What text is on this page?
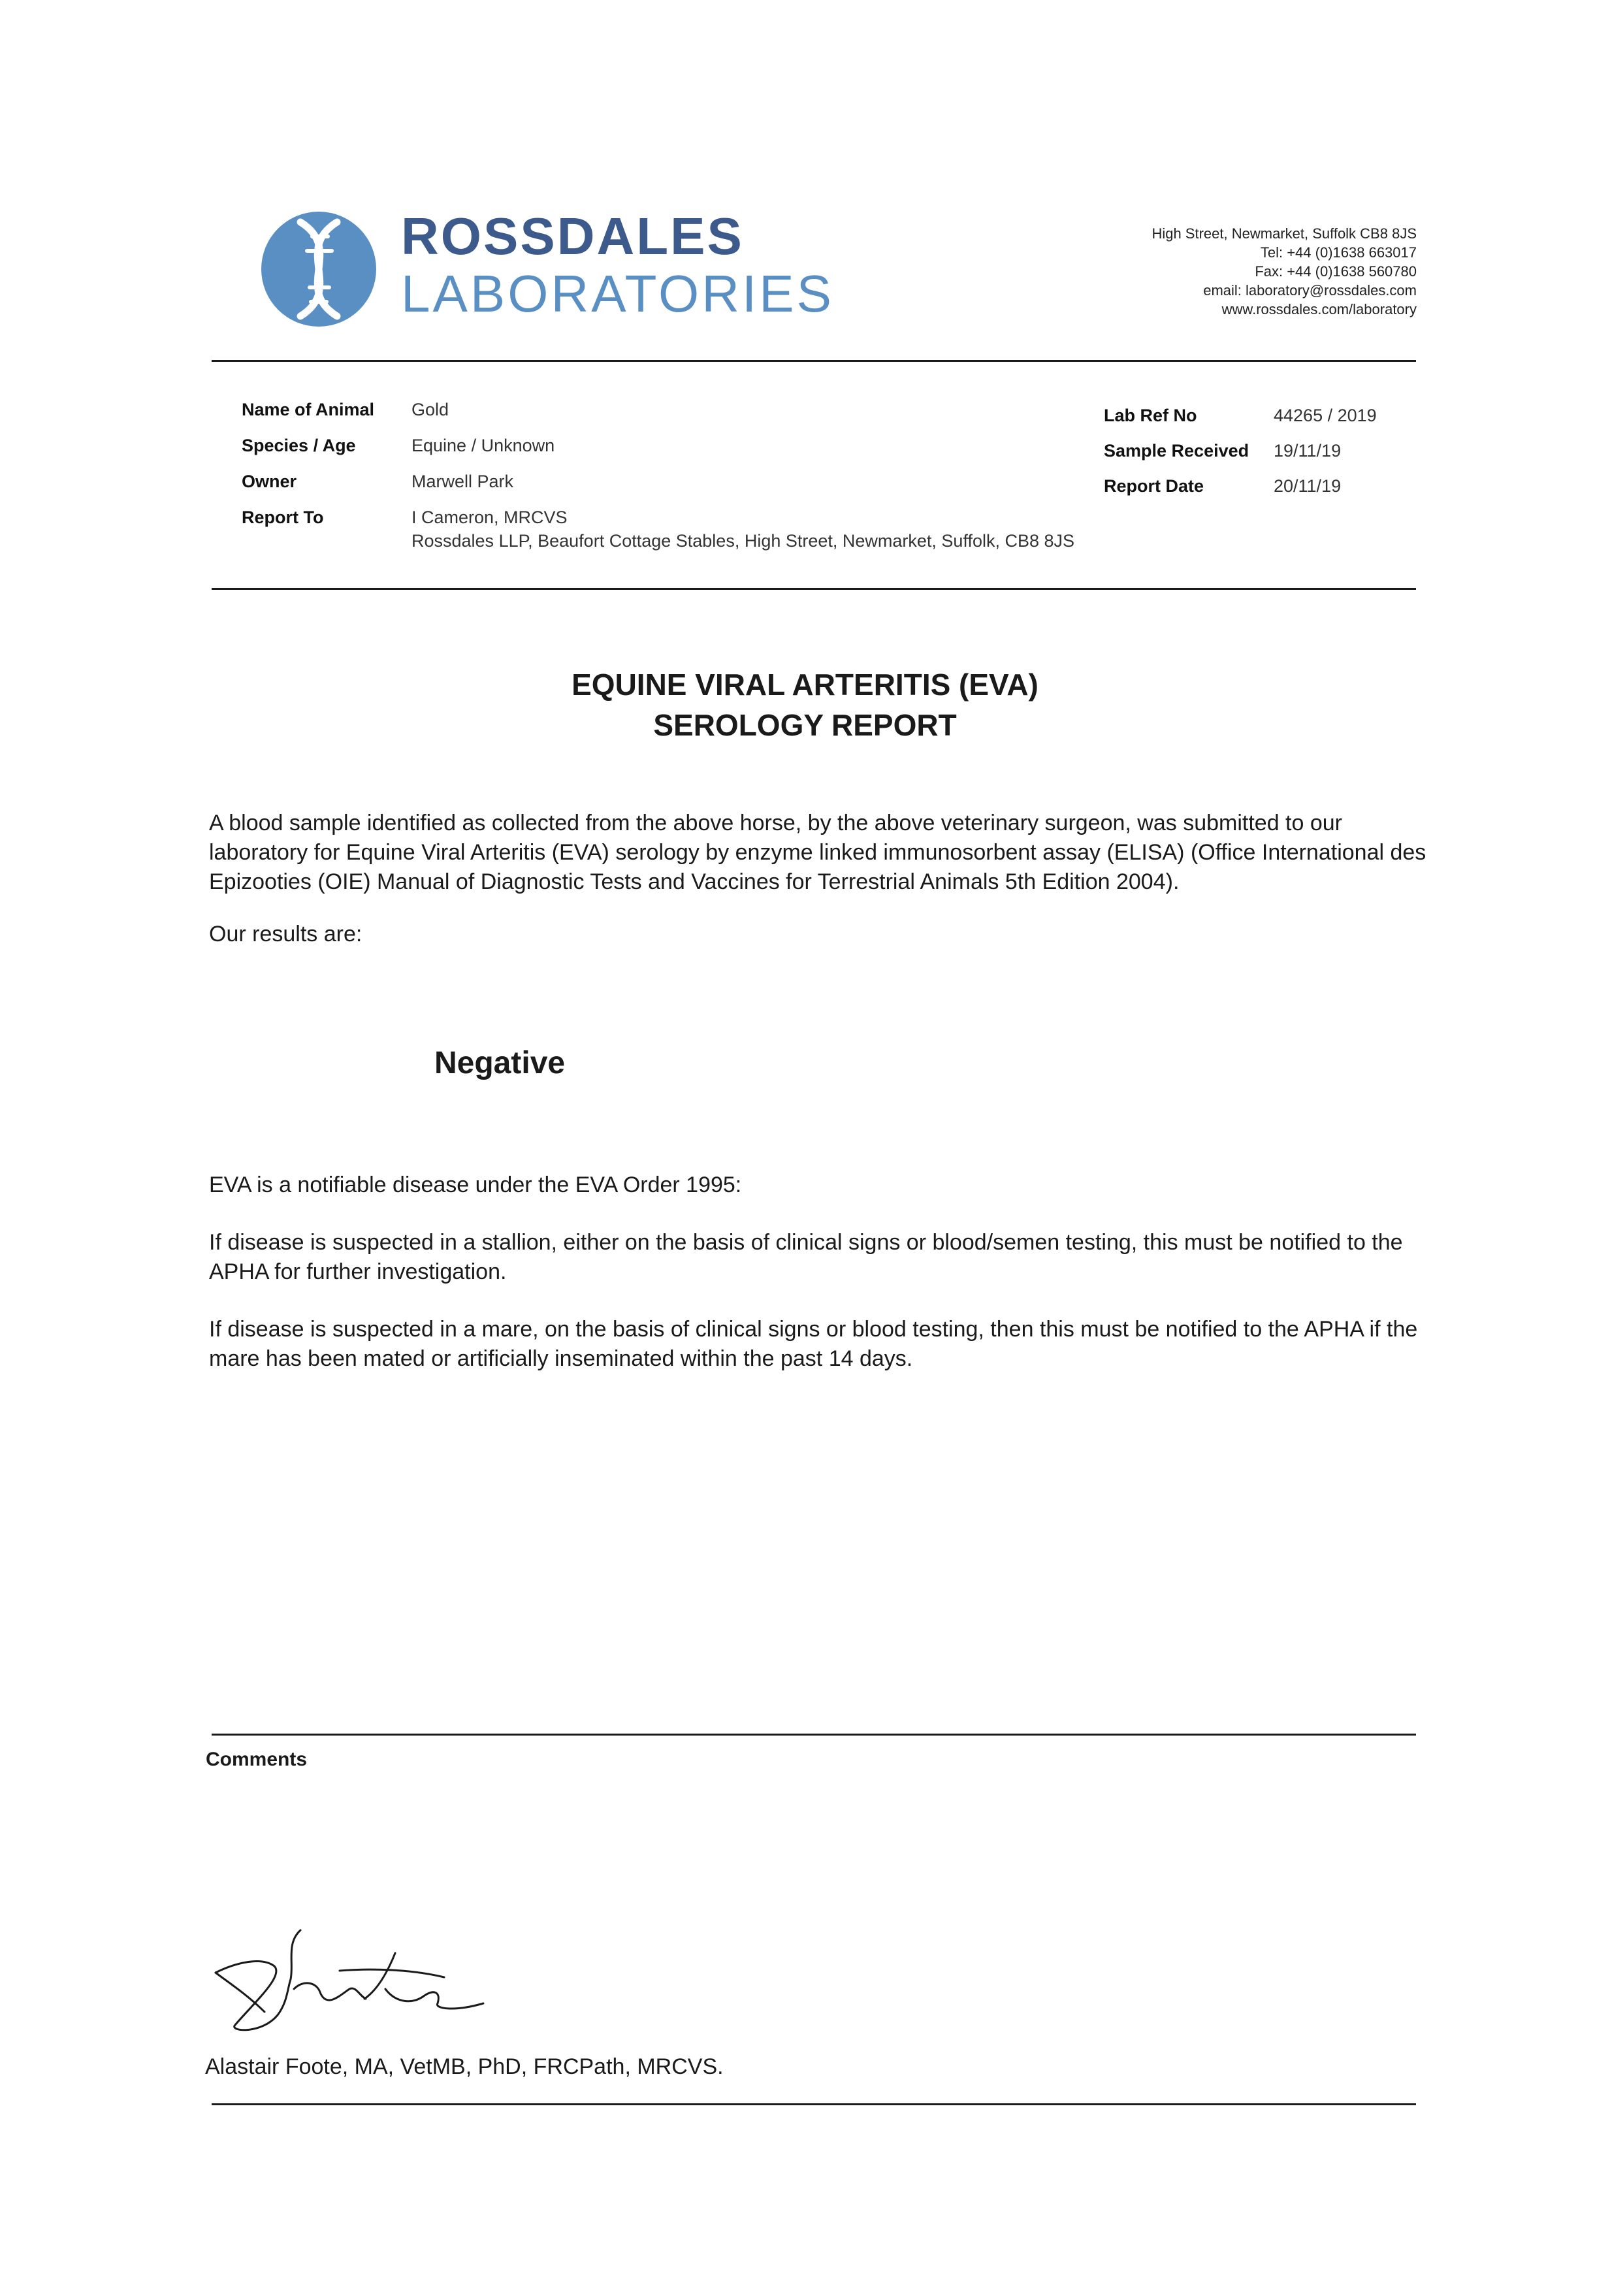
ROSSDALES
LABORATORIES
High Street, Newmarket, Suffolk CB8 8JS
Tel: +44 (0)1638 663017
Fax: +44 (0)1638 560780
email: laboratory@rossdales.com
www.rossdales.com/laboratory
Name of Animal Gold
Species / Age	Equine / Unknown
Owner	Marwell Park
Report To	I Cameron, MRCVS
Rossdales LLP, Beaufort Cottage Stables, High Street, Newmarket, Suffolk, CB8 8JS
Lab Ref No	44265 / 2019
Sample Received 19/11/19
Report Date	20/11/19
EQUINE VIRAL ARTERITIS (EVA)
SEROLOGY REPORT
A blood sample identified as collected from the above horse, by the above veterinary surgeon, was submitted to our laboratory for Equine Viral Arteritis (EVA) serology by enzyme linked immunosorbent assay (ELISA) (Office International des Epizooties (OIE) Manual of Diagnostic Tests and Vaccines for Terrestrial Animals 5th Edition 2004).
Our results are:
Negative
EVA is a notifiable disease under the EVA Order 1995:
If disease is suspected in a stallion, either on the basis of clinical signs or blood/semen testing, this must be notified to the APHA for further investigation.
If disease is suspected in a mare, on the basis of clinical signs or blood testing, then this must be notified to the APHA if the mare has been mated or artificially inseminated within the past 14 days.
Comments
Alastair Foote, MA, VetMB, PhD, FRCPath, MRCVS.
